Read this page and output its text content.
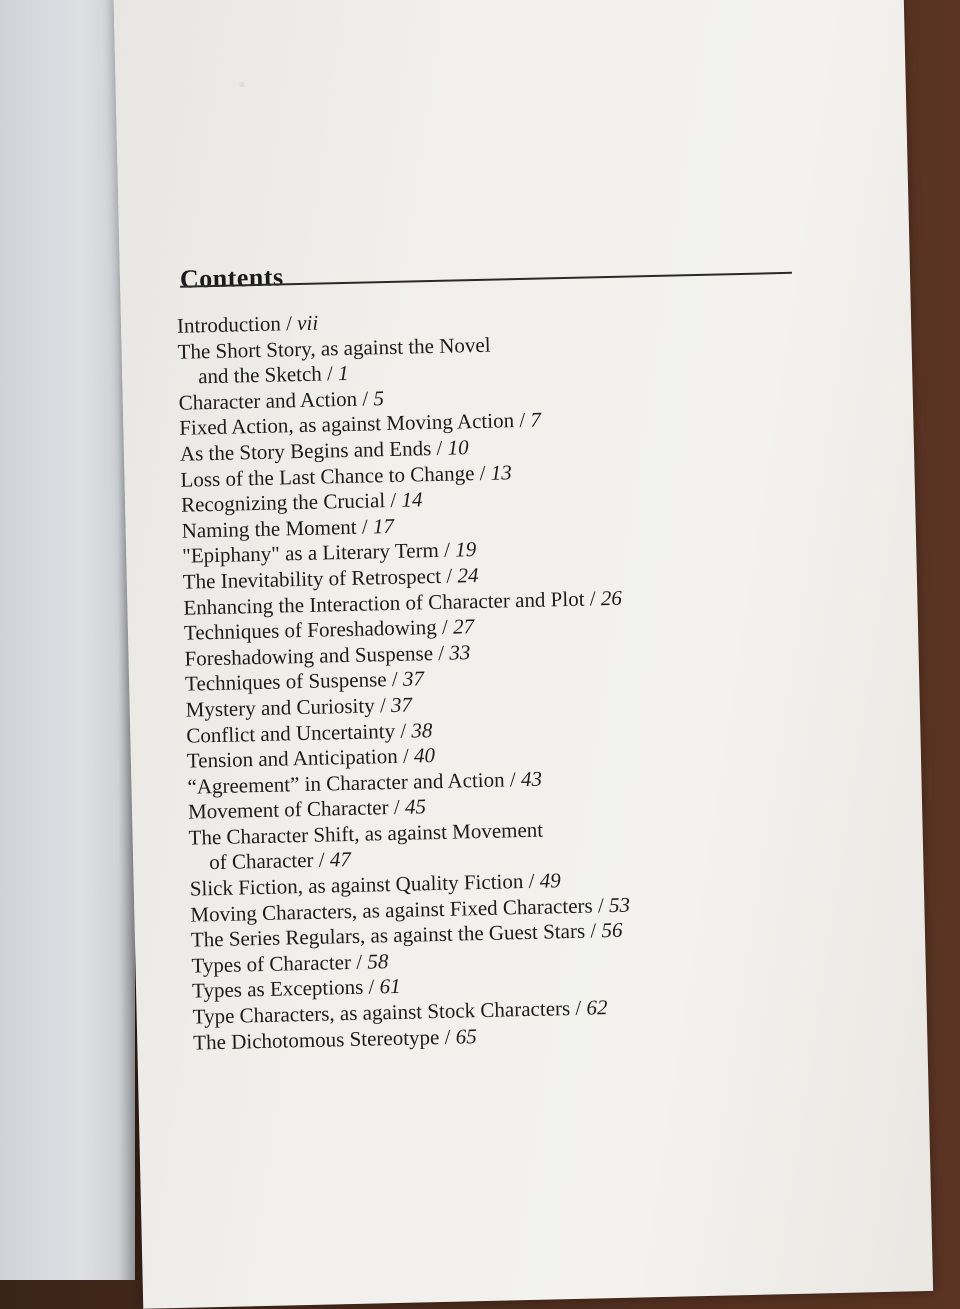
·
Contents
Introduction / vii
The Short Story, as against the Novel
and the Sketch / 1
Character and Action / 5
Fixed Action, as against Moving Action / 7
As the Story Begins and Ends / 10
Loss of the Last Chance to Change / 13
Recognizing the Crucial / 14
Naming the Moment / 17
"Epiphany" as a Literary Term / 19
The Inevitability of Retrospect / 24
Enhancing the Interaction of Character and Plot / 26
Techniques of Foreshadowing / 27
Foreshadowing and Suspense / 33
Techniques of Suspense / 37
Mystery and Curiosity / 37
Conflict and Uncertainty / 38
Tension and Anticipation / 40
“Agreement” in Character and Action / 43
Movement of Character / 45
The Character Shift, as against Movement
of Character / 47
Slick Fiction, as against Quality Fiction / 49
Moving Characters, as against Fixed Characters / 53
The Series Regulars, as against the Guest Stars / 56
Types of Character / 58
Types as Exceptions / 61
Type Characters, as against Stock Characters / 62
The Dichotomous Stereotype / 65
